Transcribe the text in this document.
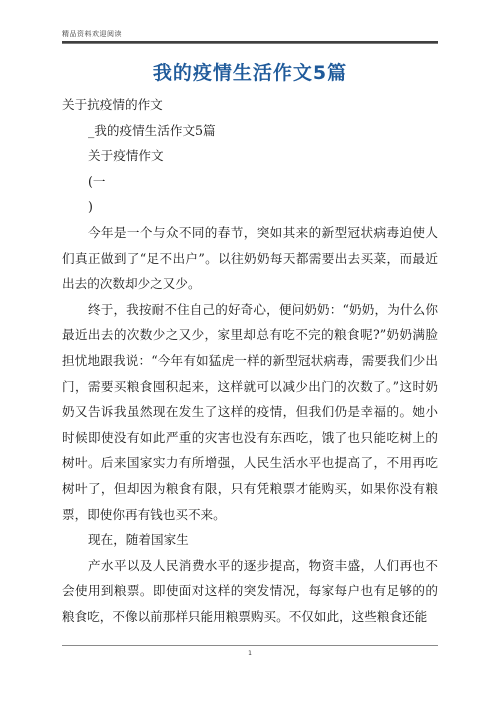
精品资料欢迎阅读
我的疫情生活作文5篇

关于抗疫情的作文

_我的疫情生活作文5篇

关于疫情作文

(一

)

今年是一个与众不同的春节，突如其来的新型冠状病毒迫使人们真正做到了“足不出户”。以往奶奶每天都需要出去买菜，而最近出去的次数却少之又少。

终于，我按耐不住自己的好奇心，便问奶奶：“奶奶，为什么你最近出去的次数少之又少，家里却总有吃不完的粮食呢?”奶奶满脸担忧地跟我说：“今年有如猛虎一样的新型冠状病毒，需要我们少出门，需要买粮食囤积起来，这样就可以减少出门的次数了。”这时奶奶又告诉我虽然现在发生了这样的疫情，但我们仍是幸福的。她小时候即使没有如此严重的灾害也没有东西吃，饿了也只能吃树上的树叶。后来国家实力有所增强，人民生活水平也提高了，不用再吃树叶了，但却因为粮食有限，只有凭粮票才能购买，如果你没有粮票，即使你再有钱也买不来。

现在，随着国家生

产水平以及人民消费水平的逐步提高，物资丰盛，人们再也不会使用到粮票。即使面对这样的突发情况，每家每户也有足够的的粮食吃，不像以前那样只能用粮票购买。不仅如此，这些粮食还能

1
